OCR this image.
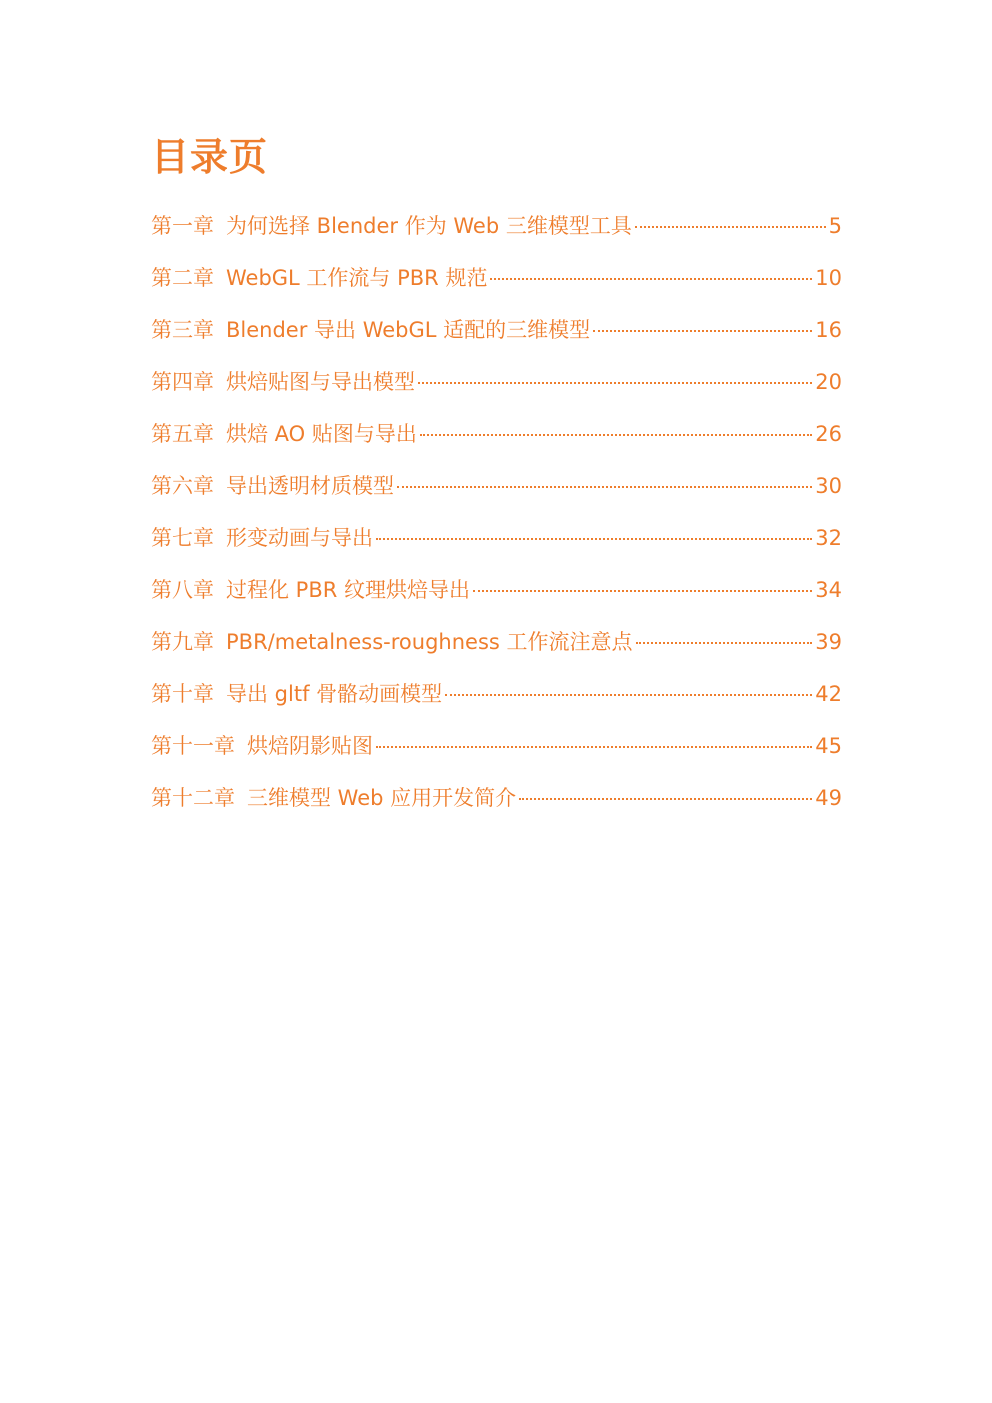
目录页
第一章 为何选择 Blender 作为 Web 三维模型工具	5
第二章 WebGL 工作流与 PBR 规范	10
第三章 Blender 导出 WebGL 适配的三维模型	16
第四章 烘焙贴图与导出模型	20
第五章 烘焙 AO 贴图与导出	26
第六章 导出透明材质模型	30
第七章 形变动画与导出	32
第八章 过程化 PBR 纹理烘焙导出	34
第九章 PBR/metalness-roughness 工作流注意点	39
第十章 导出 gltf 骨骼动画模型	42
第十一章 烘焙阴影贴图	45
第十二章 三维模型 Web 应用开发简介	49
